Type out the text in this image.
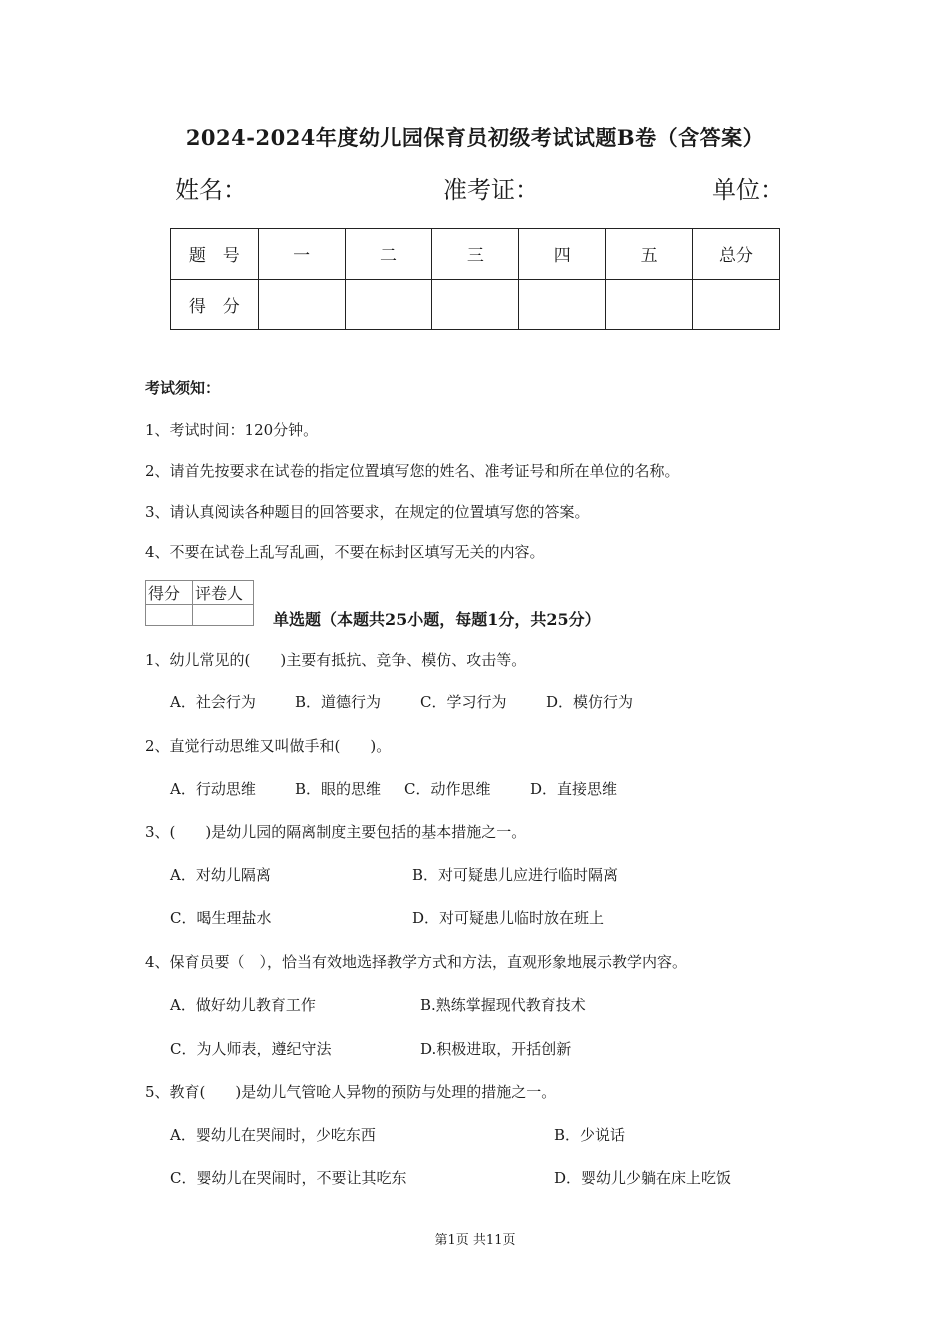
2024-2024年度幼儿园保育员初级考试试题B卷（含答案）
姓名：	准考证：	单位：
题　号	一	二	三	四	五	总分
得　分						
考试须知：
1、考试时间：120分钟。
2、请首先按要求在试卷的指定位置填写您的姓名、准考证号和所在单位的名称。
3、请认真阅读各种题目的回答要求，在规定的位置填写您的答案。
4、不要在试卷上乱写乱画，不要在标封区填写无关的内容。
得分	评卷人

单选题（本题共25小题，每题1分，共25分）
1、幼儿常见的(　　)主要有抵抗、竞争、模仿、攻击等。
A．社会行为	B．道德行为	C．学习行为	D．模仿行为
2、直觉行动思维又叫做手和(　　)。
A．行动思维	B．眼的思维 C．动作思维	D．直接思维
3、(　　)是幼儿园的隔离制度主要包括的基本措施之一。
A．对幼儿隔离	B．对可疑患儿应进行临时隔离
C．喝生理盐水	D．对可疑患儿临时放在班上
4、保育员要（　），恰当有效地选择教学方式和方法，直观形象地展示教学内容。
A．做好幼儿教育工作	B.熟练掌握现代教育技术
C．为人师表，遵纪守法	D.积极进取，开括创新
5、教育(　　)是幼儿气管呛人异物的预防与处理的措施之一。
A．婴幼儿在哭闹时，少吃东西	B．少说话
C．婴幼儿在哭闹时，不要让其吃东	D．婴幼儿少躺在床上吃饭
第1页 共11页
